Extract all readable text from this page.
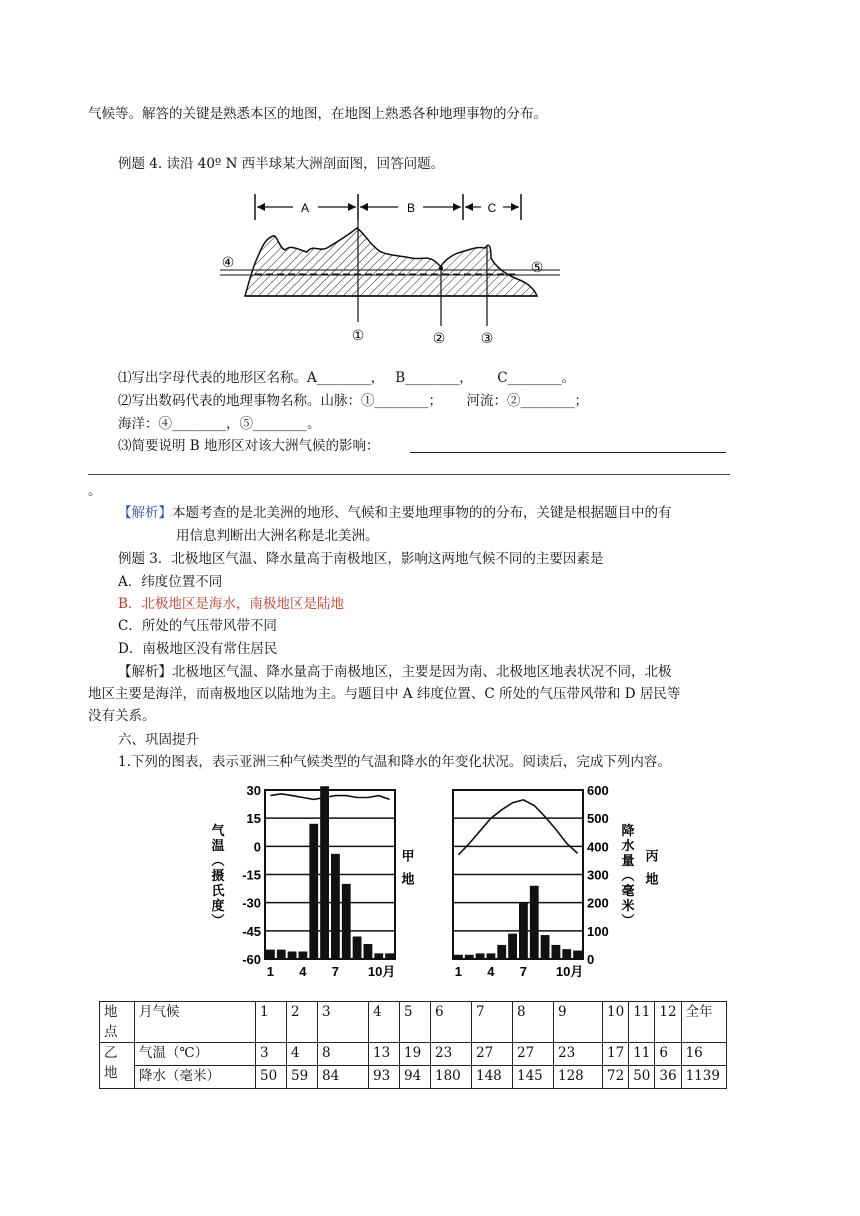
气候等。解答的关键是熟悉本区的地图，在地图上熟悉各种地理事物的分布。
例题 4. 读沿 40º N 西半球某大洲剖面图，回答问题。
A	B	C
①	②	③
④	⑤
⑴写出字母代表的地形区名称。A________，　 B________，　　 C________。
⑵写出数码代表的地理事物名称。山脉：①________；　　 河流：②________；
海洋：④________，⑤________。
⑶简要说明 B 地形区对该大洲气候的影响：
。
【解析】本题考查的是北美洲的地形、气候和主要地理事物的的分布，关键是根据题目中的有
用信息判断出大洲名称是北美洲。
例题 3．北极地区气温、降水量高于南极地区，影响这两地气候不同的主要因素是
A．纬度位置不同
B．北极地区是海水，南极地区是陆地
C．所处的气压带风带不同
D．南极地区没有常住居民
【解析】北极地区气温、降水量高于南极地区，主要是因为南、北极地区地表状况不同，北极
地区主要是海洋，而南极地区以陆地为主。与题目中 A 纬度位置、C 所处的气压带风带和 D 居民等
没有关系。
六、巩固提升
1.下列的图表，表示亚洲三种气候类型的气温和降水的年变化状况。阅读后，完成下列内容。
30
15
0
-15
-30
-45
-60
1 4 7 10月
气温（摄氏度）	甲地
600
500
400
300
200
100
0
1 4 7 10月
降水量（毫米） 丙地
地
点	月气候	1	2	3	4	5	6	7	8	9	10	11	12	全年
乙
地	气温（℃）	3	4	8	13	19	23	27	27	23	17	11	6	16
	降水（毫米）	50	59	84	93	94	180	148	145	128	72	50	36	1139
